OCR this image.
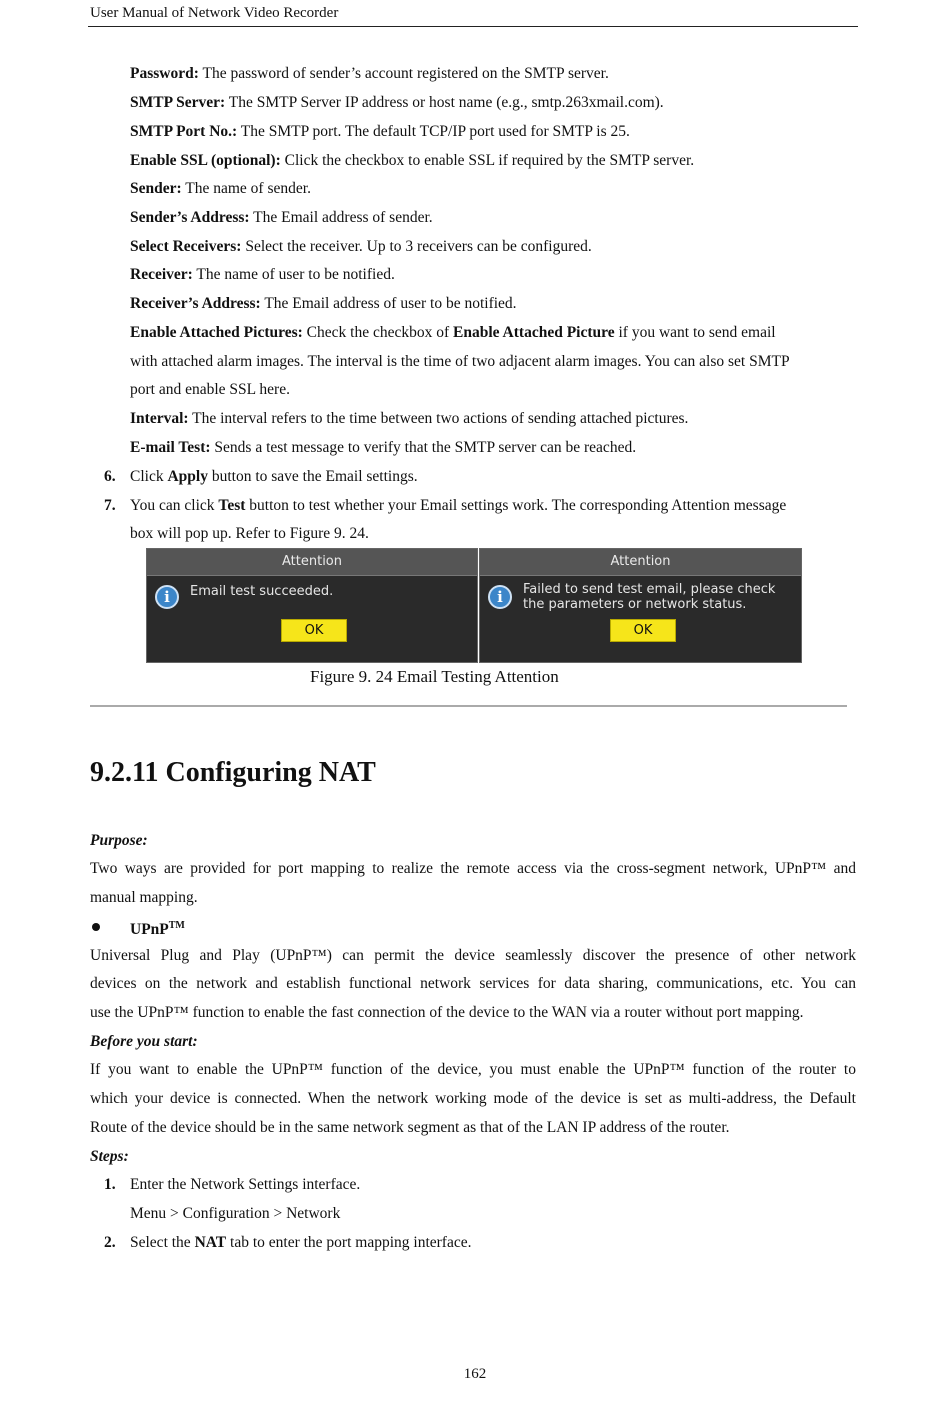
User Manual of Network Video Recorder
Password: The password of sender’s account registered on the SMTP server.
SMTP Server: The SMTP Server IP address or host name (e.g., smtp.263xmail.com).
SMTP Port No.: The SMTP port. The default TCP/IP port used for SMTP is 25.
Enable SSL (optional): Click the checkbox to enable SSL if required by the SMTP server.
Sender: The name of sender.
Sender’s Address: The Email address of sender.
Select Receivers: Select the receiver. Up to 3 receivers can be configured.
Receiver: The name of user to be notified.
Receiver’s Address: The Email address of user to be notified.
Enable Attached Pictures: Check the checkbox of Enable Attached Picture if you want to send email
with attached alarm images. The interval is the time of two adjacent alarm images. You can also set SMTP
port and enable SSL here.
Interval: The interval refers to the time between two actions of sending attached pictures.
E-mail Test: Sends a test message to verify that the SMTP server can be reached.
6. Click Apply button to save the Email settings.
7. You can click Test button to test whether your Email settings work. The corresponding Attention message
box will pop up. Refer to Figure 9. 24.
Attention
i	Email test succeeded.
OK
Attention
i	Failed to send test email, please check
the parameters or network status.
OK
Figure 9. 24 Email Testing Attention
9.2.11 Configuring NAT
Purpose:
Two ways are provided for port mapping to realize the remote access via the cross-segment network, UPnP™ and
manual mapping.
UPnP™
Universal Plug and Play (UPnP™) can permit the device seamlessly discover the presence of other network
devices on the network and establish functional network services for data sharing, communications, etc. You can
use the UPnP™ function to enable the fast connection of the device to the WAN via a router without port mapping.
Before you start:
If you want to enable the UPnP™ function of the device, you must enable the UPnP™ function of the router to
which your device is connected. When the network working mode of the device is set as multi-address, the Default
Route of the device should be in the same network segment as that of the LAN IP address of the router.
Steps:
1. Enter the Network Settings interface.
Menu > Configuration > Network
2. Select the NAT tab to enter the port mapping interface.
162
